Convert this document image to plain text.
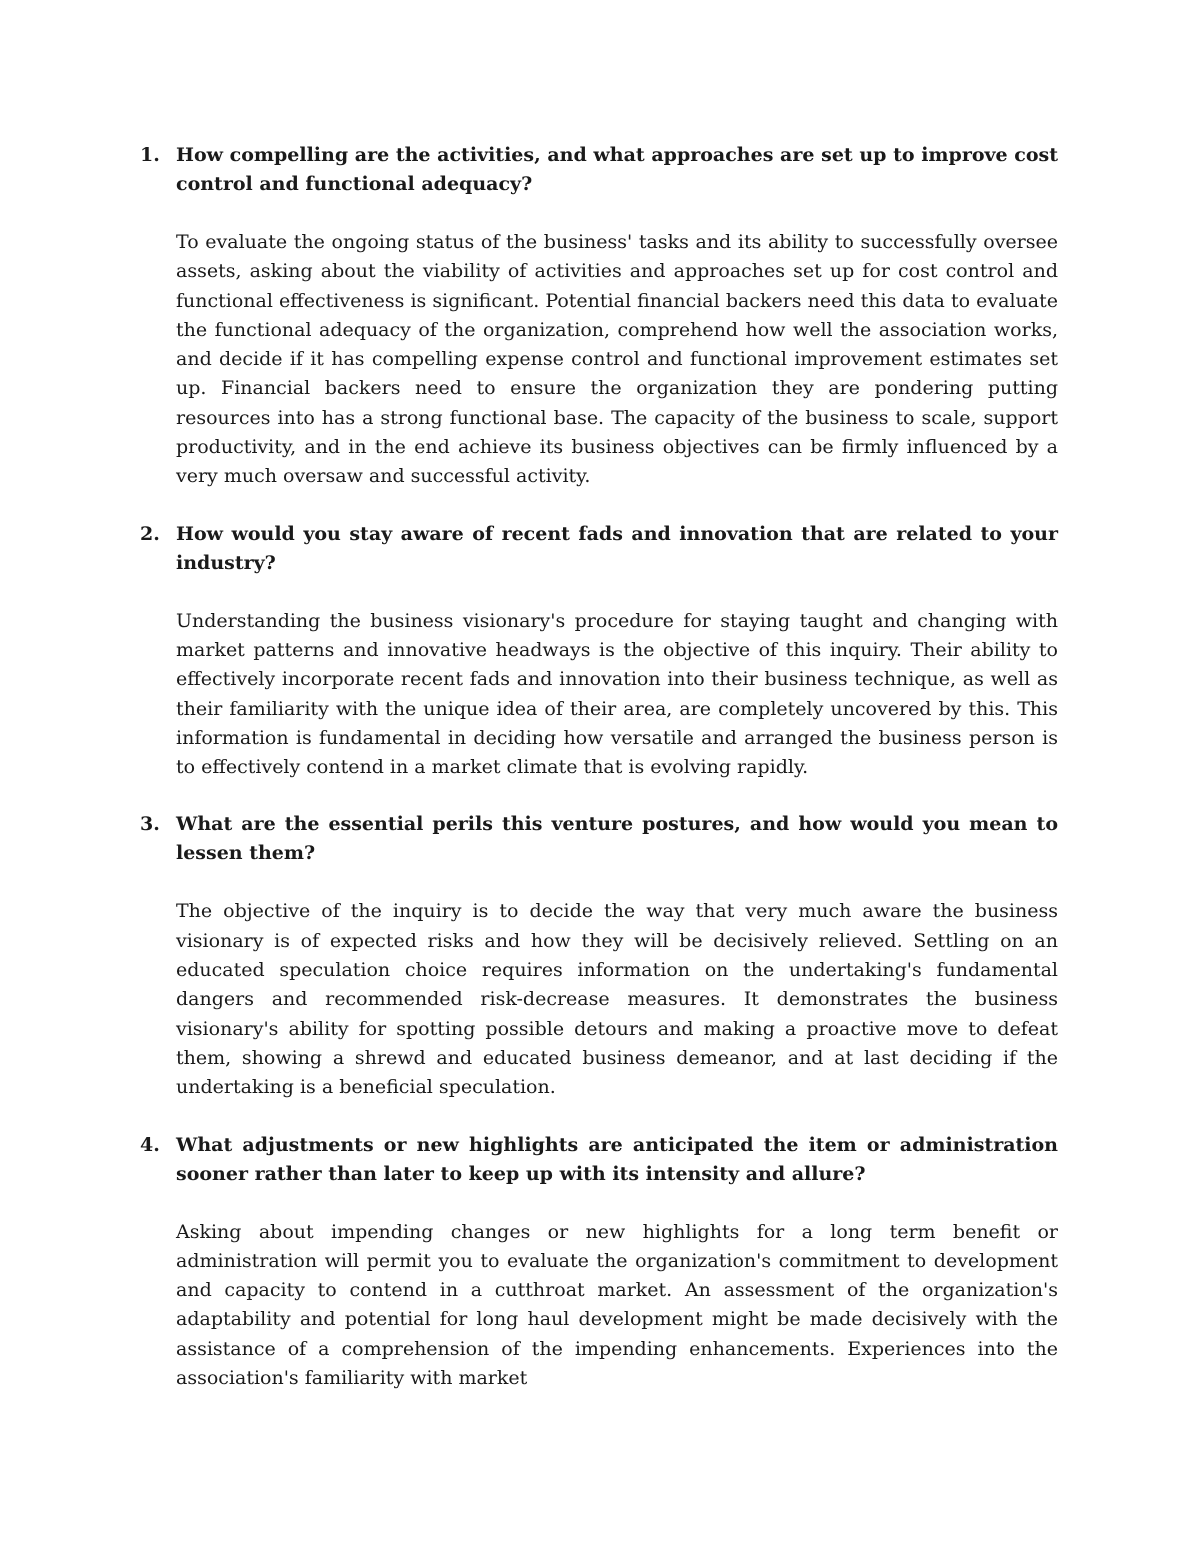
1. How compelling are the activities, and what approaches are set up to improve cost control and functional adequacy?

To evaluate the ongoing status of the business' tasks and its ability to successfully oversee assets, asking about the viability of activities and approaches set up for cost control and functional effectiveness is significant. Potential financial backers need this data to evaluate the functional adequacy of the organization, comprehend how well the association works, and decide if it has compelling expense control and functional improvement estimates set up. Financial backers need to ensure the organization they are pondering putting resources into has a strong functional base. The capacity of the business to scale, support productivity, and in the end achieve its business objectives can be firmly influenced by a very much oversaw and successful activity.

2. How would you stay aware of recent fads and innovation that are related to your industry?

Understanding the business visionary's procedure for staying taught and changing with market patterns and innovative headways is the objective of this inquiry. Their ability to effectively incorporate recent fads and innovation into their business technique, as well as their familiarity with the unique idea of their area, are completely uncovered by this. This information is fundamental in deciding how versatile and arranged the business person is to effectively contend in a market climate that is evolving rapidly.

3. What are the essential perils this venture postures, and how would you mean to lessen them?

The objective of the inquiry is to decide the way that very much aware the business visionary is of expected risks and how they will be decisively relieved. Settling on an educated speculation choice requires information on the undertaking's fundamental dangers and recommended risk-decrease measures. It demonstrates the business visionary's ability for spotting possible detours and making a proactive move to defeat them, showing a shrewd and educated business demeanor, and at last deciding if the undertaking is a beneficial speculation.

4. What adjustments or new highlights are anticipated the item or administration sooner rather than later to keep up with its intensity and allure?

Asking about impending changes or new highlights for a long term benefit or administration will permit you to evaluate the organization's commitment to development and capacity to contend in a cutthroat market. An assessment of the organization's adaptability and potential for long haul development might be made decisively with the assistance of a comprehension of the impending enhancements. Experiences into the association's familiarity with market
